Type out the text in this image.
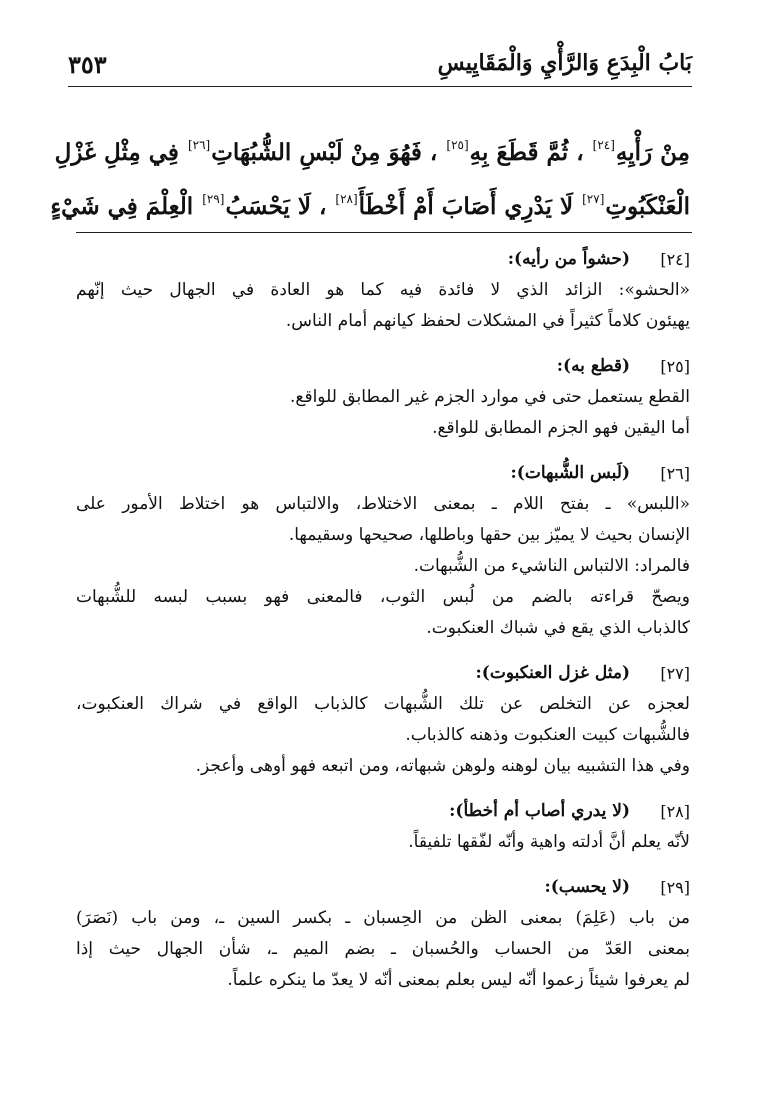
بَابُ الْبِدَعِ وَالرَّأْيِ وَالْمَقَايِيسِ
٣٥٣
مِنْ رَأْيِهِ[٢٤] ، ثُمَّ قَطَعَ بِهِ[٢٥] ، فَهُوَ مِنْ لَبْسِ الشُّبُهَاتِ[٢٦] فِي مِثْلِ غَزْلِ
الْعَنْكَبُوتِ[٢٧] لَا يَدْرِي أَصَابَ أَمْ أَخْطَأَ[٢٨] ، لَا يَحْسَبُ[٢٩] الْعِلْمَ فِي شَيْءٍ
[٢٤]
(حشواً من رأيه):
«الحشو»: الزائد الذي لا فائدة فيه كما هو العادة في الجهال حيث إنّهم
يهيئون كلاماً كثيراً في المشكلات لحفظ كيانهم أمام الناس.
[٢٥]
(قطع به):
القطع يستعمل حتى في موارد الجزم غير المطابق للواقع.
أما اليقين فهو الجزم المطابق للواقع.
[٢٦]
(لَبس الشُّبهات):
«اللبس» ـ بفتح اللام ـ بمعنى الاختلاط، والالتباس هو اختلاط الأمور على
الإنسان بحيث لا يميّز بين حقها وباطلها، صحيحها وسقيمها.
فالمراد: الالتباس الناشيء من الشُّبهات.
ويصحّ قراءته بالضم من لُبس الثوب، فالمعنى فهو بسبب لبسه للشُّبهات
كالذباب الذي يقع في شباك العنكبوت.
[٢٧]
(مثل غزل العنكبوت):
لعجزه عن التخلص عن تلك الشُّبهات كالذباب الواقع في شراك العنكبوت،
فالشُّبهات كبيت العنكبوت وذهنه كالذباب.
وفي هذا التشبيه بيان لوهنه ولوهن شبهاته، ومن اتبعه فهو أوهى وأعجز.
[٢٨]
(لا يدري أصاب أم أخطأ):
لأنّه يعلم أنَّ أدلته واهية وأنّه لفّقها تلفيقاً.
[٢٩]
(لا يحسب):
من باب (عَلِمَ) بمعنى الظن من الحِسبان ـ بكسر السين ـ، ومن باب (نَصَرَ)
بمعنى العَدّ من الحساب والحُسبان ـ بضم الميم ـ، شأن الجهال حيث إذا
لم يعرفوا شيئاً زعموا أنّه ليس بعلم بمعنى أنّه لا يعدّ ما ينكره علماً.
